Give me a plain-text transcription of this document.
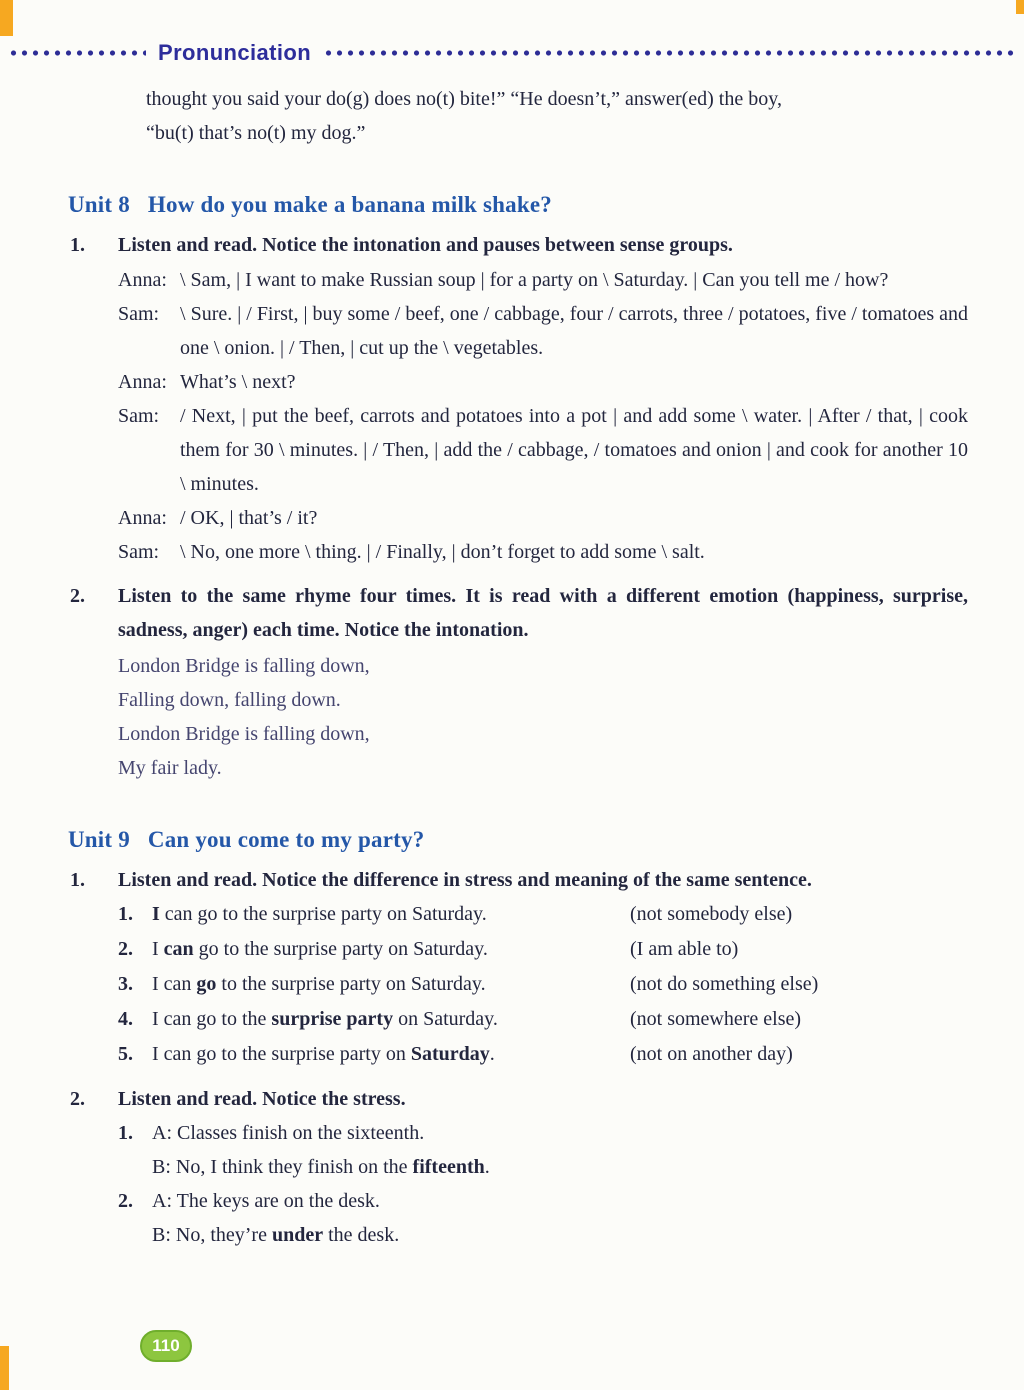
Pronunciation
thought you said your do(g) does no(t) bite!” “He doesn’t,” answer(ed) the boy,
“bu(t) that’s no(t) my dog.”
Unit 8 How do you make a banana milk shake?
1.	Listen and read. Notice the intonation and pauses between sense groups.
Anna: \ Sam, | I want to make Russian soup | for a party on \ Saturday. | Can you tell me / how?
Sam:	\ Sure. | / First, | buy some / beef, one / cabbage, four / carrots, three / potatoes, five / tomatoes and one \ onion. | / Then, | cut up the \ vegetables.
Anna: What’s \ next?
Sam:	/ Next, | put the beef, carrots and potatoes into a pot | and add some \ water. | After / that, | cook them for 30 \ minutes. | / Then, | add the / cabbage, / tomatoes and onion | and cook for another 10 \ minutes.
Anna: / OK, | that’s / it?
Sam:	\ No, one more \ thing. | / Finally, | don’t forget to add some \ salt.
2.	Listen to the same rhyme four times. It is read with a different emotion (happiness, surprise, sadness, anger) each time. Notice the intonation.
London Bridge is falling down,
Falling down, falling down.
London Bridge is falling down,
My fair lady.
Unit 9 Can you come to my party?
1.	Listen and read. Notice the difference in stress and meaning of the same sentence.
1. I can go to the surprise party on Saturday.	(not somebody else)
2. I can go to the surprise party on Saturday.	(I am able to)
3. I can go to the surprise party on Saturday.	(not do something else)
4. I can go to the surprise party on Saturday.	(not somewhere else)
5. I can go to the surprise party on Saturday.	(not on another day)
2.	Listen and read. Notice the stress.
1. A: Classes finish on the sixteenth.
B: No, I think they finish on the fifteenth.
2. A: The keys are on the desk.
B: No, they’re under the desk.
110
